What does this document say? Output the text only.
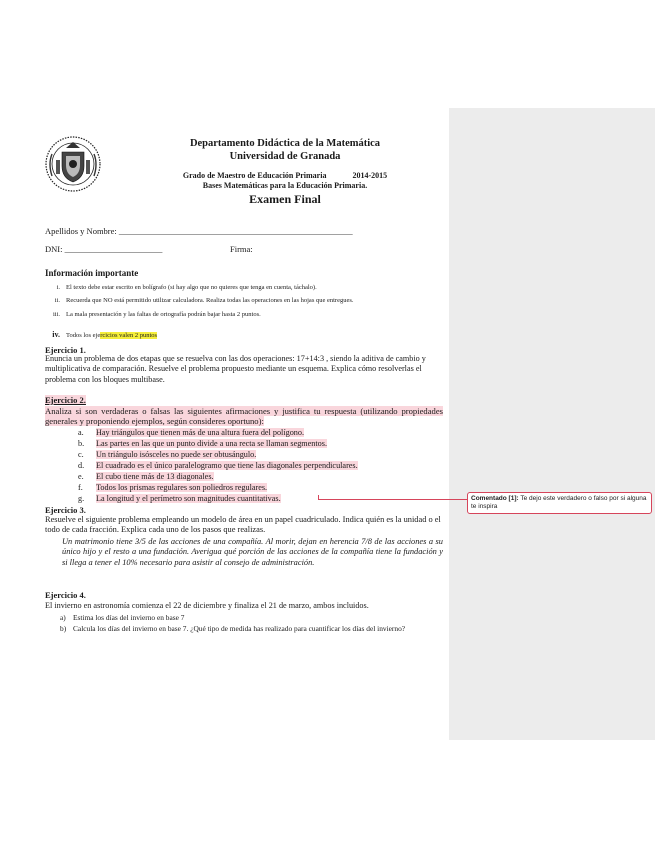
Departamento Didáctica de la Matemática
Universidad de Granada
Grado de Maestro de Educación Primaria	2014-2015
Bases Matemáticas para la Educación Primaria.
Examen Final
Apellidos y Nombre: _______________________________________________________
DNI: _______________________	Firma:
Información importante
i. El texto debe estar escrito en bolígrafo (si hay algo que no quieres que tenga en cuenta, táchalo).
ii. Recuerda que NO está permitido utilizar calculadora. Realiza todas las operaciones en las hojas que entregues.
iii. La mala presentación y las faltas de ortografía podrán bajar hasta 2 puntos.
iv. Todos los ejercicios valen 2 puntos
Ejercicio 1.
Enuncia un problema de dos etapas que se resuelva con las dos operaciones: 17+14:3 , siendo la aditiva de cambio y multiplicativa de comparación. Resuelve el problema propuesto mediante un esquema. Explica cómo resolverlas el problema con los bloques multibase.
Ejercicio 2.
Analiza si son verdaderas o falsas las siguientes afirmaciones y justifica tu respuesta (utilizando propiedades generales y proponiendo ejemplos, según consideres oportuno):
a. Hay triángulos que tienen más de una altura fuera del polígono.
b. Las partes en las que un punto divide a una recta se llaman segmentos.
c. Un triángulo isósceles no puede ser obtusángulo.
d. El cuadrado es el único paralelogramo que tiene las diagonales perpendiculares.
e. El cubo tiene más de 13 diagonales.
f. Todos los prismas regulares son poliedros regulares.
g. La longitud y el perímetro son magnitudes cuantitativas.	Comentado [1]: Te dejo este verdadero o falso por si alguna te inspira
Ejercicio 3.
Resuelve el siguiente problema empleando un modelo de área en un papel cuadriculado. Indica quién es la unidad o el todo de cada fracción. Explica cada uno de los pasos que realizas.
Un matrimonio tiene 3/5 de las acciones de una compañía. Al morir, dejan en herencia 7/8 de las acciones a su único hijo y el resto a una fundación. Averigua qué porción de las acciones de la compañía tiene la fundación y si llega a tener el 10% necesario para asistir al consejo de administración.
Ejercicio 4.
El invierno en astronomía comienza el 22 de diciembre y finaliza el 21 de marzo, ambos incluidos.
a) Estima los días del invierno en base 7
b) Calcula los días del invierno en base 7. ¿Qué tipo de medida has realizado para cuantificar los días del invierno?
